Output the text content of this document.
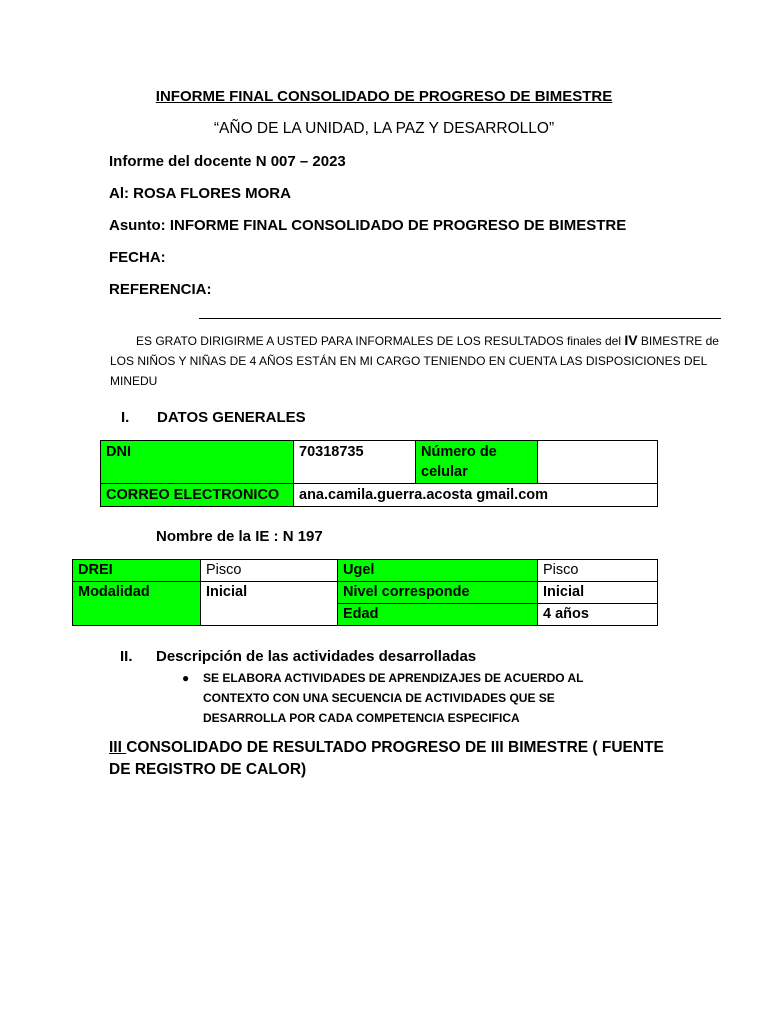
INFORME FINAL CONSOLIDADO DE PROGRESO DE BIMESTRE
“AÑO DE LA UNIDAD, LA PAZ Y DESARROLLO”
Informe del docente N 007 – 2023
Al: ROSA FLORES MORA
Asunto: INFORME FINAL CONSOLIDADO DE PROGRESO DE BIMESTRE
FECHA:
REFERENCIA:
ES GRATO DIRIGIRME A USTED PARA INFORMALES DE LOS RESULTADOS finales del IV BIMESTRE de LOS NIÑOS Y NIÑAS DE 4 AÑOS ESTÁN EN MI CARGO TENIENDO EN CUENTA LAS DISPOSICIONES DEL MINEDU
I. DATOS GENERALES
DNI	70318735	Número de celular	
CORREO ELECTRONICO	ana.camila.guerra.acosta gmail.com		
Nombre de la IE : N 197
DREI	Pisco	Ugel	Pisco
Modalidad	Inicial	Nivel corresponde	Inicial
		Edad	4 años
II. Descripción de las actividades desarrolladas
● SE ELABORA ACTIVIDADES DE APRENDIZAJES DE ACUERDO AL CONTEXTO CON UNA SECUENCIA DE ACTIVIDADES QUE SE DESARROLLA POR CADA COMPETENCIA ESPECIFICA
III CONSOLIDADO DE RESULTADO PROGRESO DE III BIMESTRE ( FUENTE DE REGISTRO DE CALOR)
